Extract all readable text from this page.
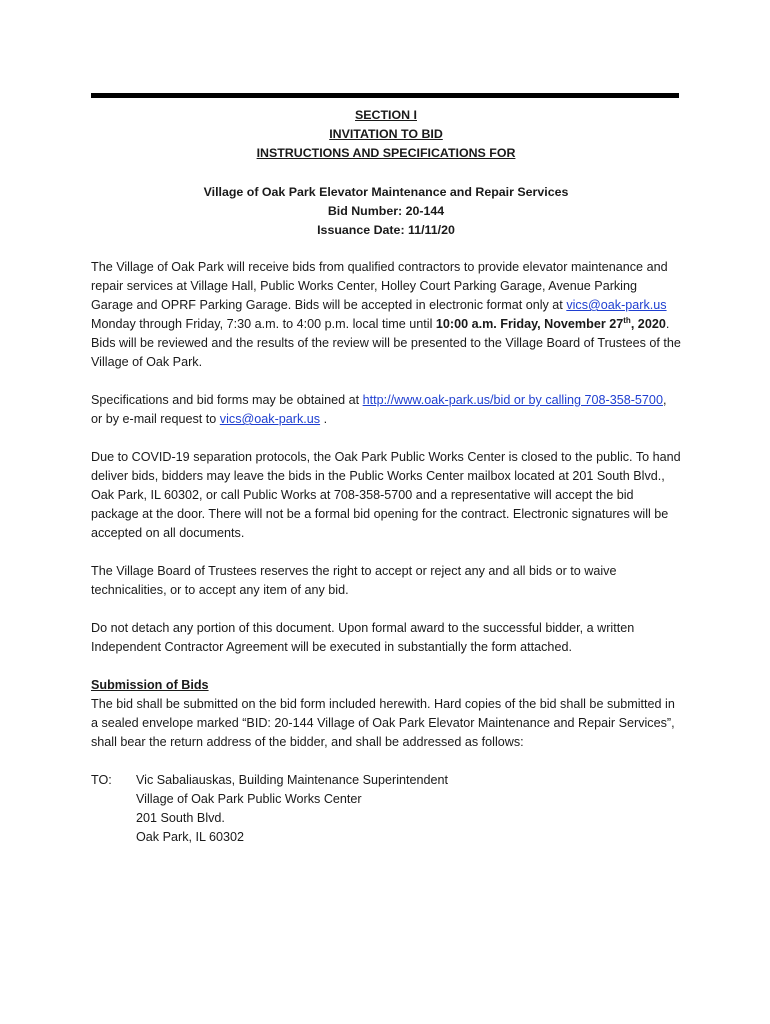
SECTION I
INVITATION TO BID
INSTRUCTIONS AND SPECIFICATIONS FOR
Village of Oak Park Elevator Maintenance and Repair Services
Bid Number: 20-144
Issuance Date: 11/11/20

The Village of Oak Park will receive bids from qualified contractors to provide elevator maintenance and repair services at Village Hall, Public Works Center, Holley Court Parking Garage, Avenue Parking Garage and OPRF Parking Garage. Bids will be accepted in electronic format only at vics@oak-park.us Monday through Friday, 7:30 a.m. to 4:00 p.m. local time until 10:00 a.m. Friday, November 27th, 2020. Bids will be reviewed and the results of the review will be presented to the Village Board of Trustees of the Village of Oak Park.

Specifications and bid forms may be obtained at http://www.oak-park.us/bid or by calling 708-358-5700, or by e-mail request to vics@oak-park.us .

Due to COVID-19 separation protocols, the Oak Park Public Works Center is closed to the public. To hand deliver bids, bidders may leave the bids in the Public Works Center mailbox located at 201 South Blvd., Oak Park, IL 60302, or call Public Works at 708-358-5700 and a representative will accept the bid package at the door. There will not be a formal bid opening for the contract. Electronic signatures will be accepted on all documents.

The Village Board of Trustees reserves the right to accept or reject any and all bids or to waive technicalities, or to accept any item of any bid.

Do not detach any portion of this document. Upon formal award to the successful bidder, a written Independent Contractor Agreement will be executed in substantially the form attached.

Submission of Bids

The bid shall be submitted on the bid form included herewith. Hard copies of the bid shall be submitted in a sealed envelope marked “BID: 20-144 Village of Oak Park Elevator Maintenance and Repair Services”, shall bear the return address of the bidder, and shall be addressed as follows:

TO:	Vic Sabaliauskas, Building Maintenance Superintendent
Village of Oak Park Public Works Center
201 South Blvd.
Oak Park, IL 60302
